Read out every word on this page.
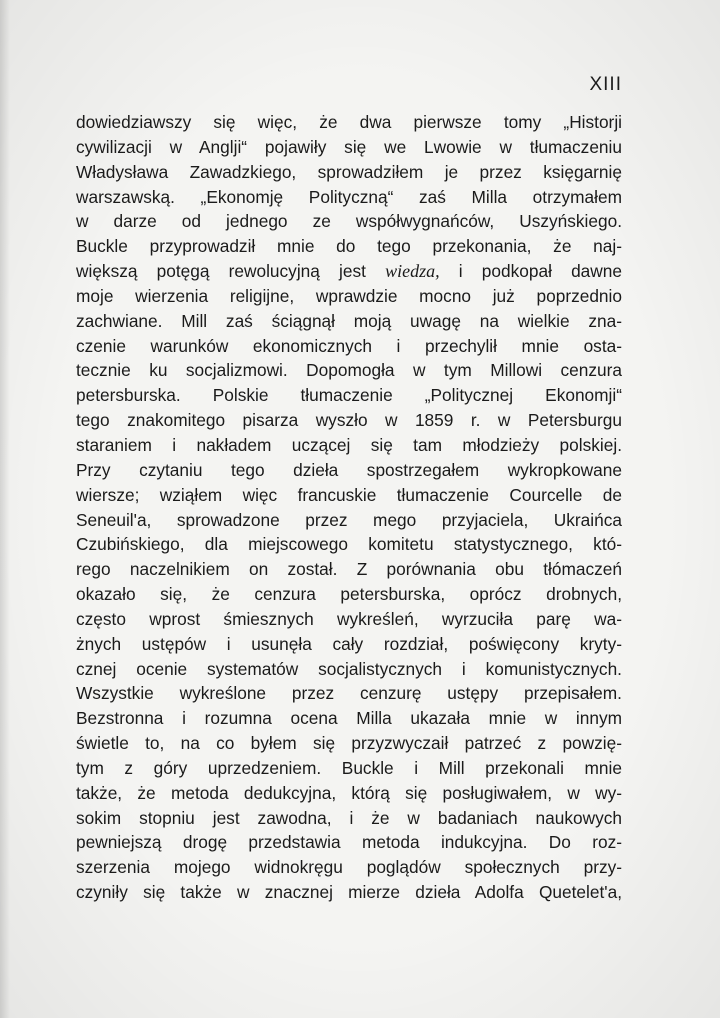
XIII
dowiedziawszy się więc, że dwa pierwsze tomy „Historji
cywilizacji w Anglji“ pojawiły się we Lwowie w tłumaczeniu
Władysława Zawadzkiego, sprowadziłem je przez księgarnię
warszawską. „Ekonomję Polityczną“ zaś Milla otrzymałem
w darze od jednego ze współwygnańców, Uszyńskiego.
Buckle przyprowadził mnie do tego przekonania, że naj-
większą potęgą rewolucyjną jest wiedza, i podkopał dawne
moje wierzenia religijne, wprawdzie mocno już poprzednio
zachwiane. Mill zaś ściągnął moją uwagę na wielkie zna-
czenie warunków ekonomicznych i przechylił mnie osta-
tecznie ku socjalizmowi. Dopomogła w tym Millowi cenzura
petersburska. Polskie tłumaczenie „Politycznej Ekonomji“
tego znakomitego pisarza wyszło w 1859 r. w Petersburgu
staraniem i nakładem uczącej się tam młodzieży polskiej.
Przy czytaniu tego dzieła spostrzegałem wykropkowane
wiersze; wziąłem więc francuskie tłumaczenie Courcelle de
Seneuil'a, sprowadzone przez mego przyjaciela, Ukraińca
Czubińskiego, dla miejscowego komitetu statystycznego, któ-
rego naczelnikiem on został. Z porównania obu tłómaczeń
okazało się, że cenzura petersburska, oprócz drobnych,
często wprost śmiesznych wykreśleń, wyrzuciła parę wa-
żnych ustępów i usunęła cały rozdział, poświęcony kryty-
cznej ocenie systematów socjalistycznych i komunistycznych.
Wszystkie wykreślone przez cenzurę ustępy przepisałem.
Bezstronna i rozumna ocena Milla ukazała mnie w innym
świetle to, na co byłem się przyzwyczaił patrzeć z powzię-
tym z góry uprzedzeniem. Buckle i Mill przekonali mnie
także, że metoda dedukcyjna, którą się posługiwałem, w wy-
sokim stopniu jest zawodna, i że w badaniach naukowych
pewniejszą drogę przedstawia metoda indukcyjna. Do roz-
szerzenia mojego widnokręgu poglądów społecznych przy-
czyniły się także w znacznej mierze dzieła Adolfa Quetelet'a,
